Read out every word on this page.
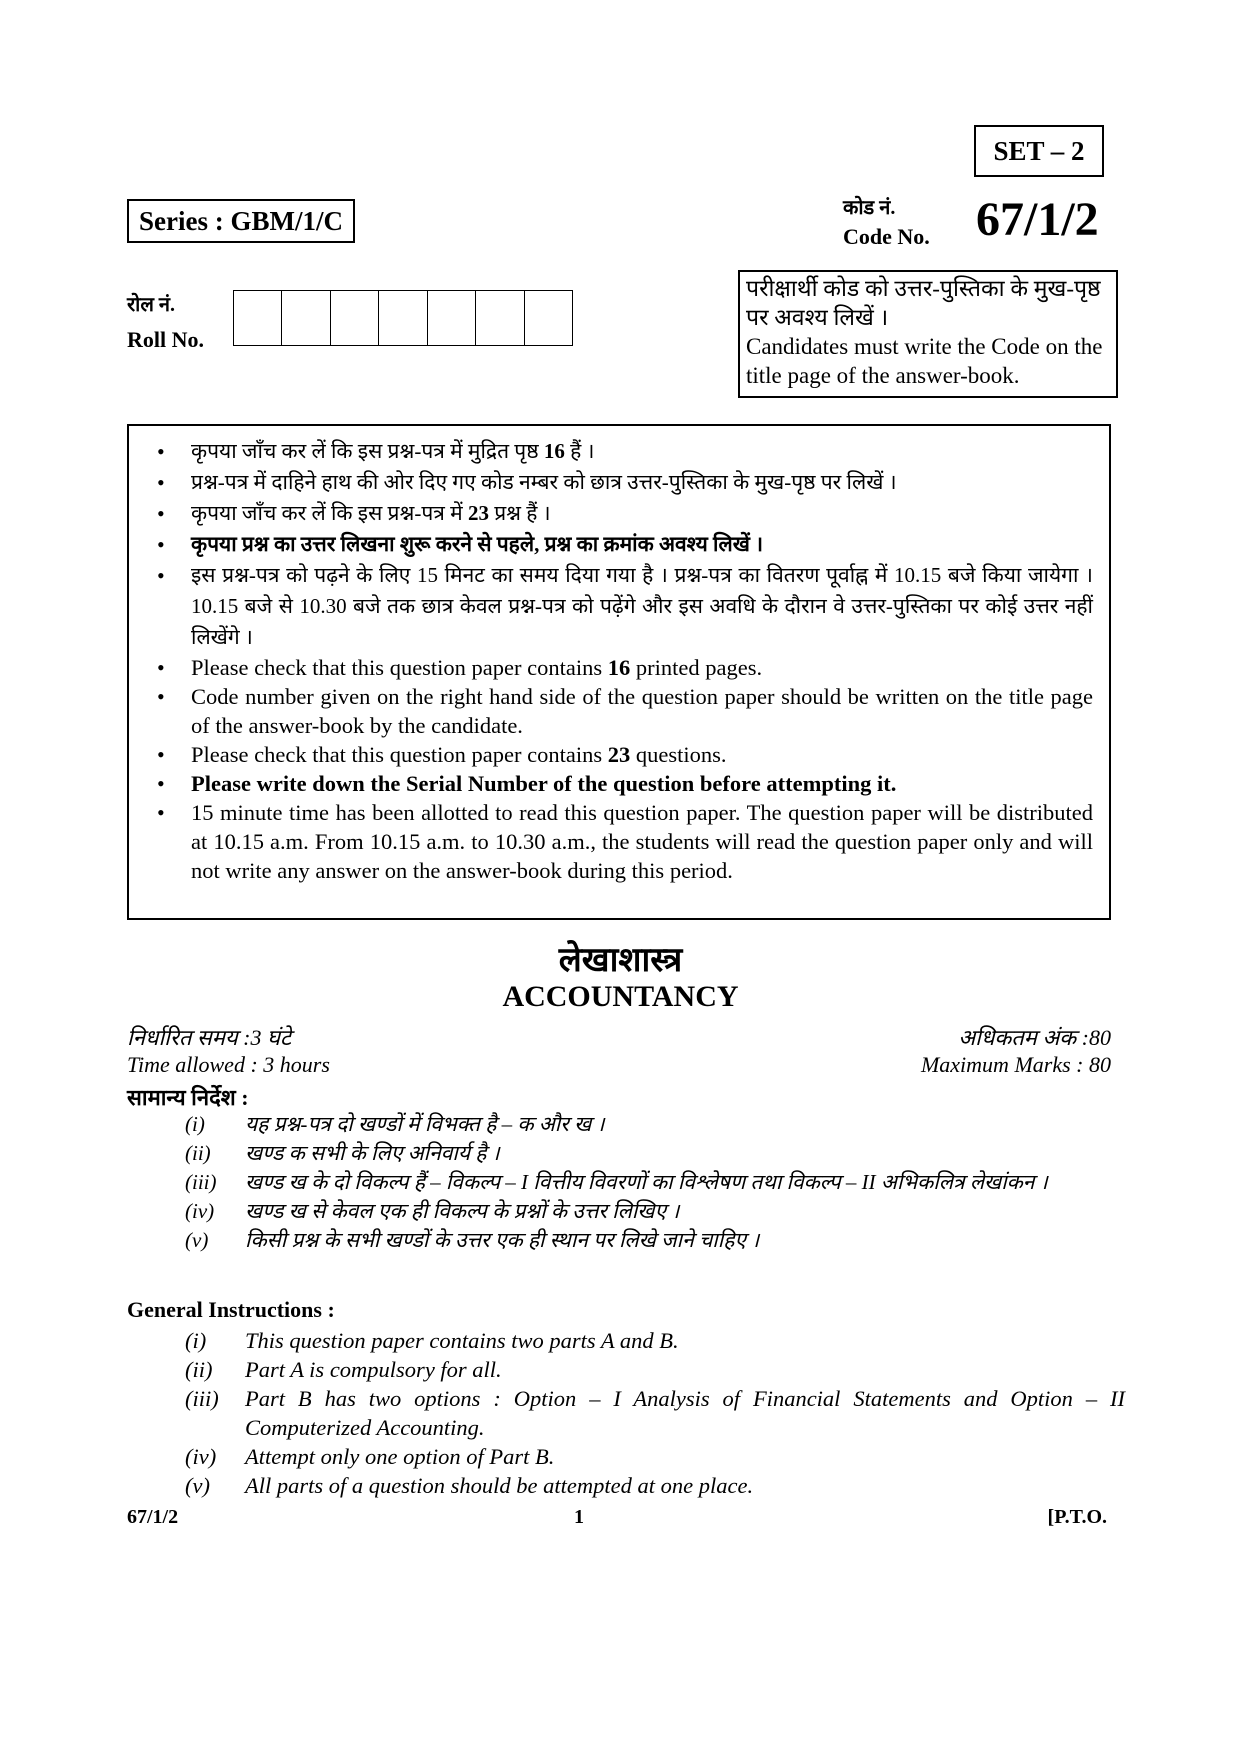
SET – 2
Series : GBM/1/C	कोड नं.
Code No. 67/1/2
रोल नं.
Roll No.
परीक्षार्थी कोड को उत्तर-पुस्तिका के मुख-पृष्ठ पर अवश्य लिखें ।
Candidates must write the Code on the title page of the answer-book.
• कृपया जाँच कर लें कि इस प्रश्न-पत्र में मुद्रित पृष्ठ 16 हैं ।
• प्रश्न-पत्र में दाहिने हाथ की ओर दिए गए कोड नम्बर को छात्र उत्तर-पुस्तिका के मुख-पृष्ठ पर लिखें ।
• कृपया जाँच कर लें कि इस प्रश्न-पत्र में 23 प्रश्न हैं ।
• कृपया प्रश्न का उत्तर लिखना शुरू करने से पहले, प्रश्न का क्रमांक अवश्य लिखें ।
• इस प्रश्न-पत्र को पढ़ने के लिए 15 मिनट का समय दिया गया है । प्रश्न-पत्र का वितरण पूर्वाह्न में 10.15 बजे किया जायेगा । 10.15 बजे से 10.30 बजे तक छात्र केवल प्रश्न-पत्र को पढ़ेंगे और इस अवधि के दौरान वे उत्तर-पुस्तिका पर कोई उत्तर नहीं लिखेंगे ।
• Please check that this question paper contains 16 printed pages.
• Code number given on the right hand side of the question paper should be written on the title page of the answer-book by the candidate.
• Please check that this question paper contains 23 questions.
• Please write down the Serial Number of the question before attempting it.
• 15 minute time has been allotted to read this question paper. The question paper will be distributed at 10.15 a.m. From 10.15 a.m. to 10.30 a.m., the students will read the question paper only and will not write any answer on the answer-book during this period.
लेखाशास्त्र
ACCOUNTANCY
निर्धारित समय :3 घंटे	अधिकतम अंक :80
Time allowed : 3 hours	Maximum Marks : 80
सामान्य निर्देश :
(i)	यह प्रश्न-पत्र दो खण्डों में विभक्त है – क और ख ।
(ii)	खण्ड क सभी के लिए अनिवार्य है ।
(iii)	खण्ड ख के दो विकल्प हैं – विकल्प – I वित्तीय विवरणों का विश्लेषण तथा विकल्प – II अभिकलित्र लेखांकन ।
(iv)	खण्ड ख से केवल एक ही विकल्प के प्रश्नों के उत्तर लिखिए ।
(v)	किसी प्रश्न के सभी खण्डों के उत्तर एक ही स्थान पर लिखे जाने चाहिए ।
General Instructions :
(i)	This question paper contains two parts A and B.
(ii)	Part A is compulsory for all.
(iii)	Part B has two options : Option – I Analysis of Financial Statements and Option – II Computerized Accounting.
(iv)	Attempt only one option of Part B.
(v)	All parts of a question should be attempted at one place.
67/1/2	1	[P.T.O.
